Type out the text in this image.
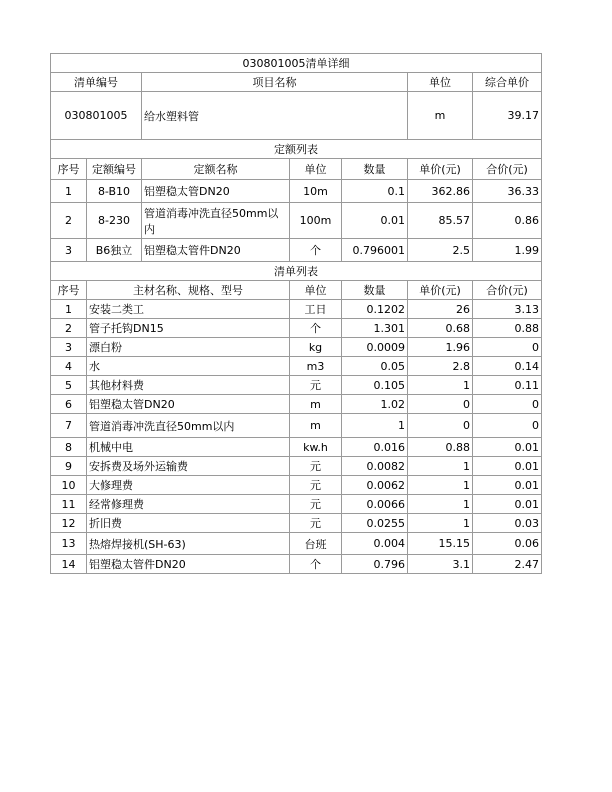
030801005清单详细						
清单编号		项目名称			单位	综合单价
030801005		给水塑料管			m	39.17
定额列表						
序号	定额编号	定额名称	单位	数量	单价(元)	合价(元)
1	8-B10	铝塑稳太管DN20	10m	0.1	362.86	36.33
2	8-230	管道消毒冲洗直径50mm以内	100m	0.01	85.57	0.86
3	B6独立	铝塑稳太管件DN20	个	0.796001	2.5	1.99
清单列表						
序号	主材名称、规格、型号		单位	数量	单价(元)	合价(元)
1	安装二类工		工日	0.1202	26	3.13
2	管子托钩DN15		个	1.301	0.68	0.88
3	漂白粉		kg	0.0009	1.96	0
4	水		m3	0.05	2.8	0.14
5	其他材料费		元	0.105	1	0.11
6	铝塑稳太管DN20		m	1.02	0	0
7	管道消毒冲洗直径50mm以内		m	1	0	0
8	机械中电		kw.h	0.016	0.88	0.01
9	安拆费及场外运输费		元	0.0082	1	0.01
10	大修理费		元	0.0062	1	0.01
11	经常修理费		元	0.0066	1	0.01
12	折旧费		元	0.0255	1	0.03
13	热熔焊接机(SH-63)		台班	0.004	15.15	0.06
14	铝塑稳太管件DN20		个	0.796	3.1	2.47
